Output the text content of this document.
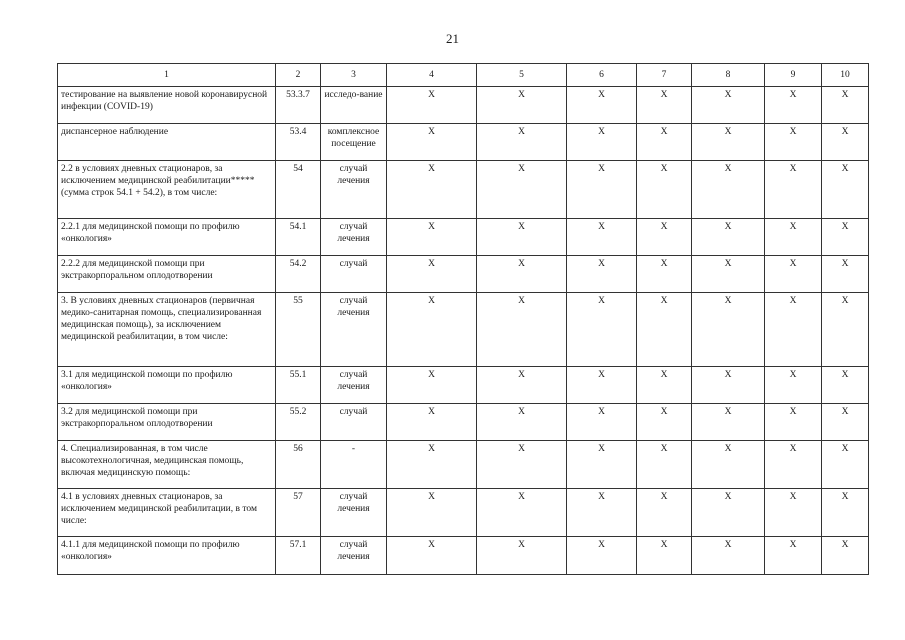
21
1	2	3	4	5	6	7	8	9	10
тестирование на выявление новой коронавирусной инфекции (COVID-19)	53.3.7	исследо-вание	X	X	X	X	X	X	X
диспансерное наблюдение	53.4	комплексное посещение	X	X	X	X	X	X	X
2.2 в условиях дневных стационаров, за исключением медицинской реабилитации***** (сумма строк 54.1 + 54.2), в том числе:	54	случай лечения	X	X	X	X	X	X	X
2.2.1 для медицинской помощи по профилю «онкология»	54.1	случай лечения	X	X	X	X	X	X	X
2.2.2 для медицинской помощи при экстракорпоральном оплодотворении	54.2	случай	X	X	X	X	X	X	X
3. В условиях дневных стационаров (первичная медико-санитарная помощь, специализированная медицинская помощь), за исключением медицинской реабилитации, в том числе:	55	случай лечения	X	X	X	X	X	X	X
3.1 для медицинской помощи по профилю «онкология»	55.1	случай лечения	X	X	X	X	X	X	X
3.2 для медицинской помощи при экстракорпоральном оплодотворении	55.2	случай	X	X	X	X	X	X	X
4. Специализированная, в том числе высокотехнологичная, медицинская помощь, включая медицинскую помощь:	56	-	X	X	X	X	X	X	X
4.1 в условиях дневных стационаров, за исключением медицинской реабилитации, в том числе:	57	случай лечения	X	X	X	X	X	X	X
4.1.1 для медицинской помощи по профилю «онкология»	57.1	случай лечения	X	X	X	X	X	X	X
